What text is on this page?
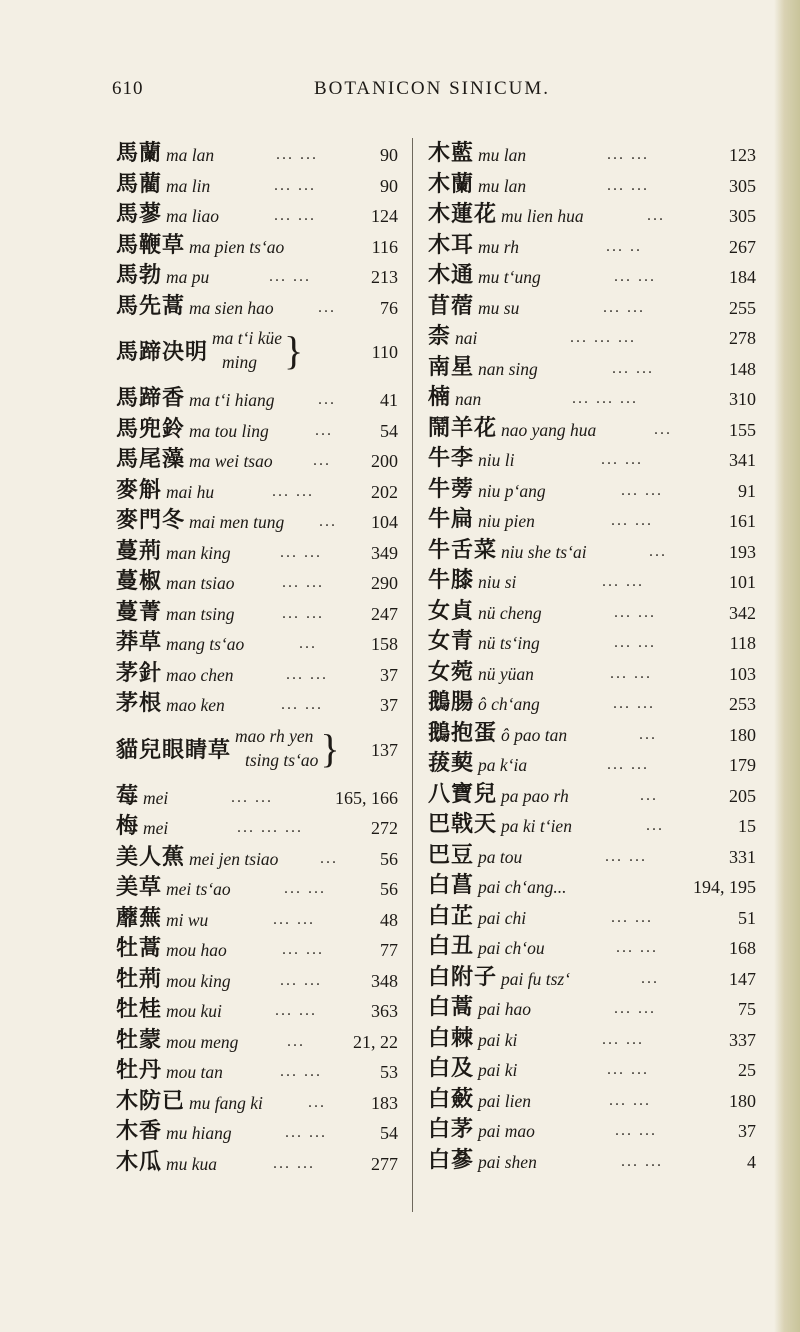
610	BOTANICON SINICUM.
馬蘭 ma lan	90
... ...
馬藺 ma lin	90
... ...
馬蓼 ma liao	124
... ...
馬鞭草 ma pien ts‘ao	116
馬勃 ma pu	213
... ...
馬先蒿 ma sien hao	76
...
馬蹄决明
ma t‘i küe
ming }	110
馬蹄香 ma t‘i hiang	41
...
馬兜鈴 ma tou ling	54
...
馬尾藻 ma wei tsao	200
...
麥斛 mai hu	202
... ...
麥門冬 mai men tung	104
...
蔓荊 man king	349
... ...
蔓椒 man tsiao	290
... ...
蔓菁 man tsing	247
... ...
莽草 mang ts‘ao	158
...
茅針 mao chen	37
... ...
茅根 mao ken	37
... ...
貓兒眼睛草
mao rh yen
tsing ts‘ao } 137
莓 mei	165, 166
... ...
梅 mei	272
... ... ...
美人蕉 mei jen tsiao	56
...
美草 mei ts‘ao	56
... ...
蘼蕪 mi wu	48
... ...
牡蒿 mou hao	77
... ...
牡荊 mou king	348
... ...
牡桂 mou kui	363
... ...
牡蒙 mou meng	21, 22
...
牡丹 mou tan	53
... ...
木防已 mu fang ki	183
...
木香 mu hiang	54
... ...
木瓜 mu kua	277
... ...
木藍 mu lan	123
... ...
木蘭 mu lan	305
... ...
木蓮花 mu lien hua	305
...
木耳 mu rh	267
... ..
木通 mu t‘ung	184
... ...
苜蓿 mu su	255
... ...
柰 nai	278
... ... ...
南星 nan sing	148
... ...
楠 nan	310
... ... ...
鬧羊花 nao yang hua	155
...
牛李 niu li	341
... ...
牛蒡 niu p‘ang	91
... ...
牛扁 niu pien	161
... ...
牛舌菜 niu she ts‘ai	193
...
牛膝 niu si	101
... ...
女貞 nü cheng	342
... ...
女青 nü ts‘ing	118
... ...
女菀 nü yüan	103
... ...
鵝腸 ô ch‘ang	253
... ...
鵝抱蛋 ô pao tan	180
...
菝葜 pa k‘ia	179
... ...
八寶兒 pa pao rh	205
...
巴戟天 pa ki t‘ien	15
...
巴豆 pa tou	331
... ...
白菖 pai ch‘ang...	194, 195
白芷 pai chi	51
... ...
白丑 pai ch‘ou	168
... ...
白附子 pai fu tsz‘	147
...
白蒿 pai hao	75
... ...
白棘 pai ki	337
... ...
白及 pai ki	25
... ...
白蘞 pai lien	180
... ...
白茅 pai mao	37
... ...
白蔘 pai shen	4
... ...
